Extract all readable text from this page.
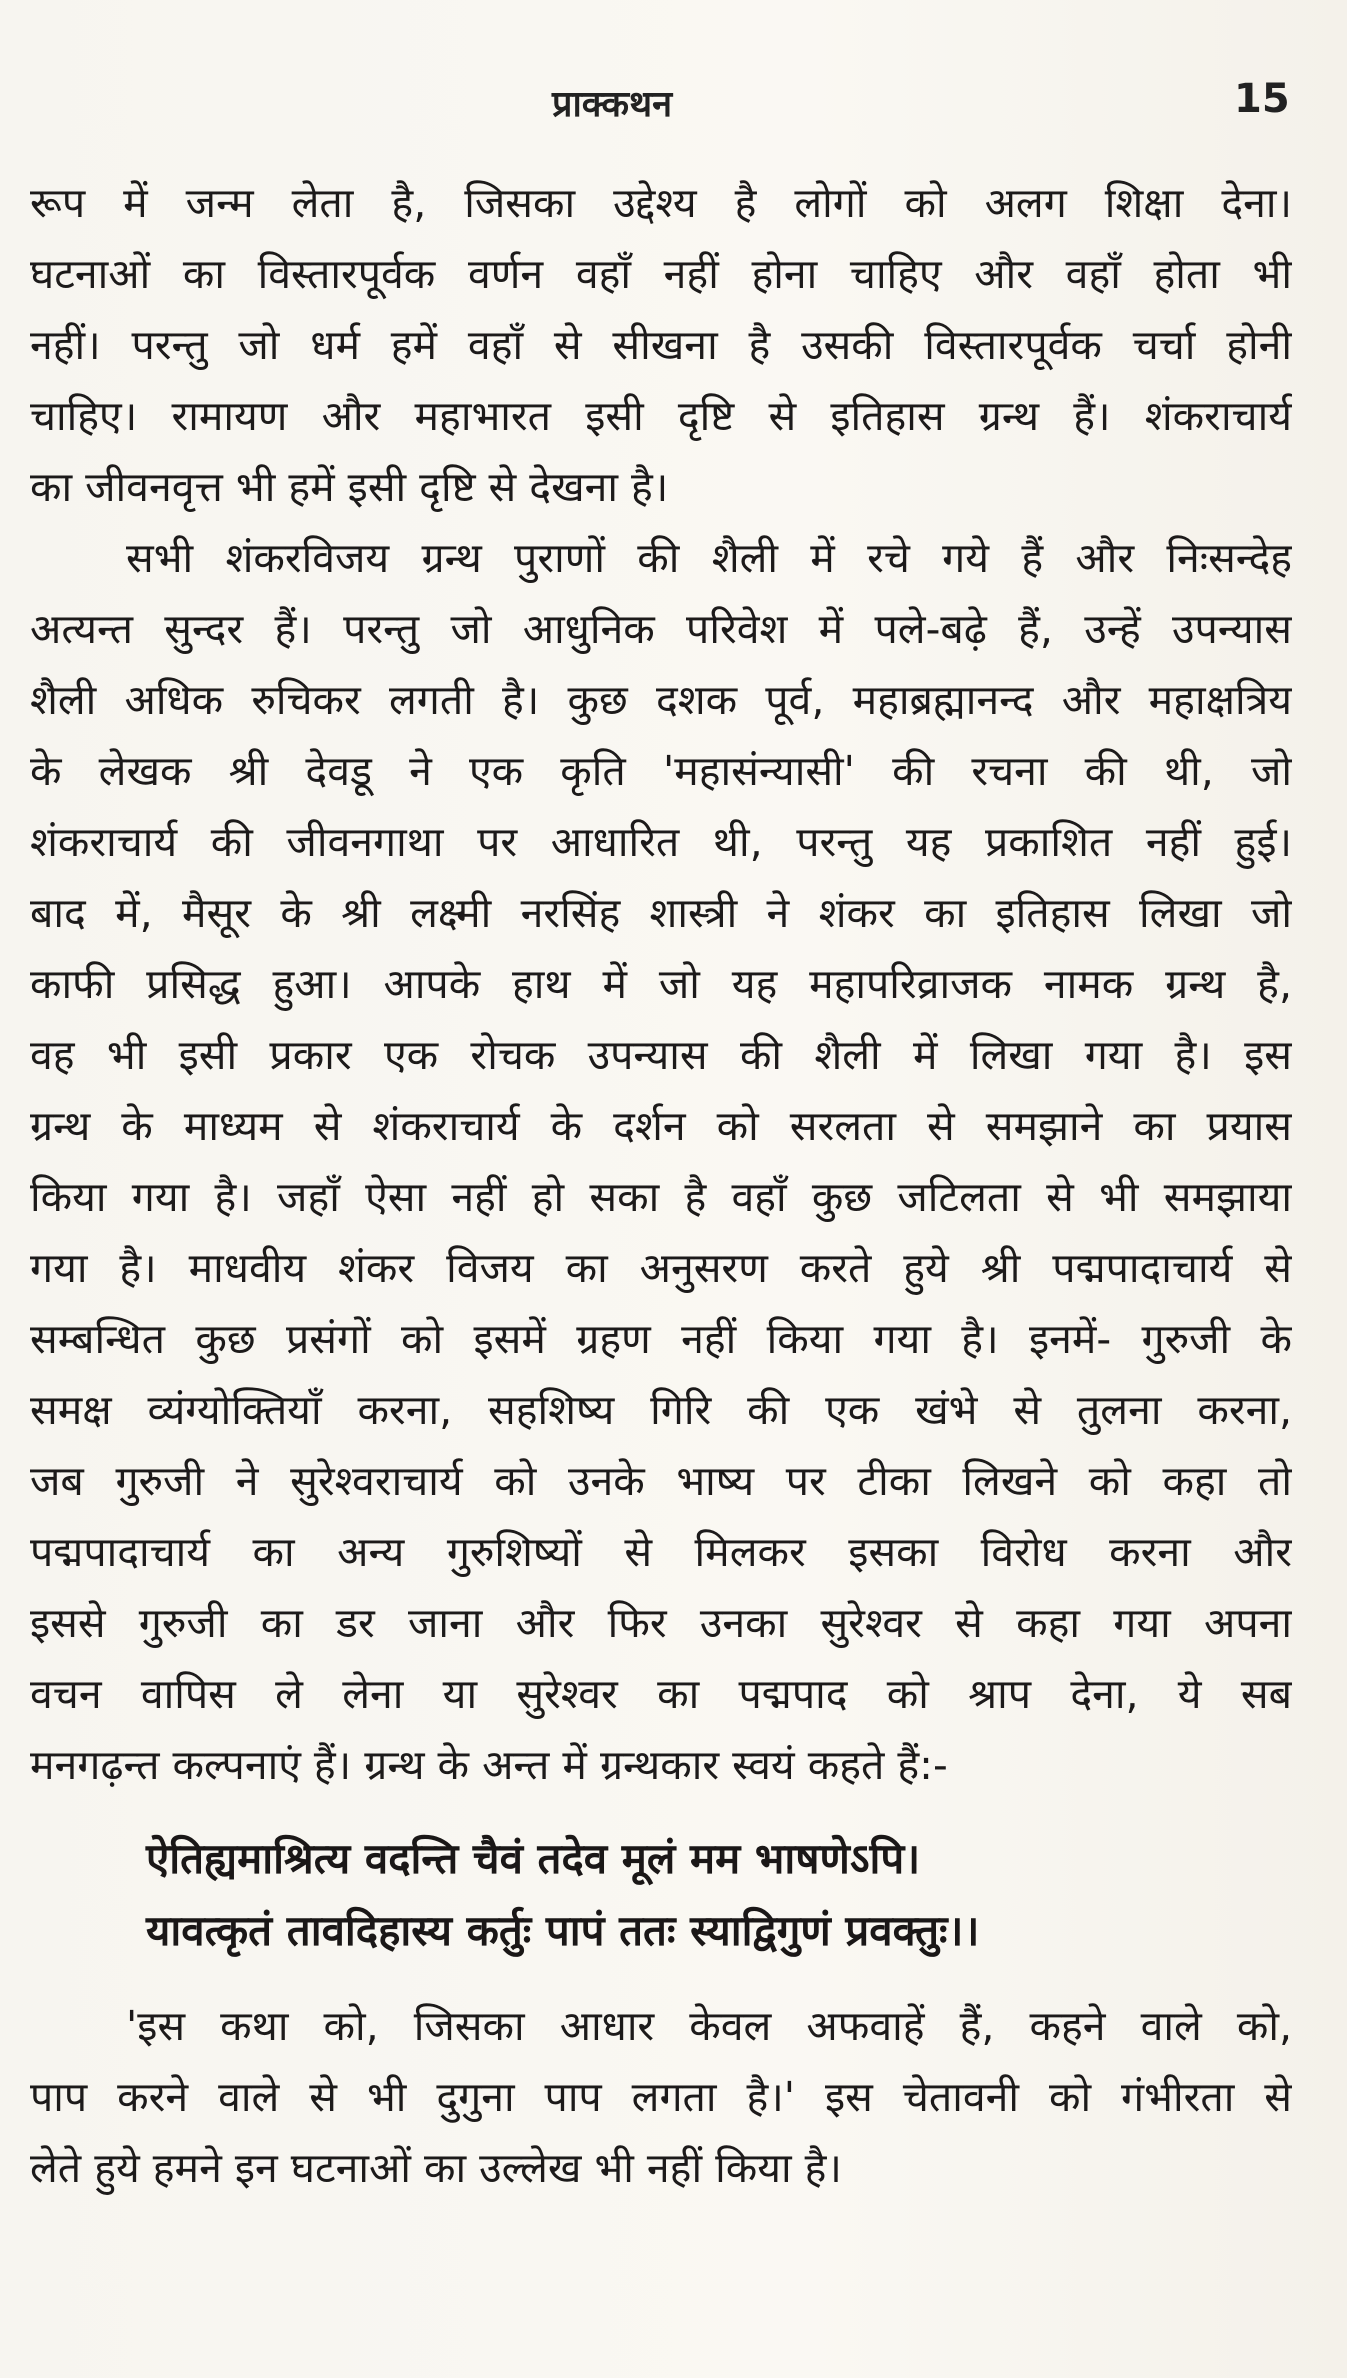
प्राक्कथन	15
रूप में जन्म लेता है, जिसका उद्देश्य है लोगों को अलग शिक्षा देना।
घटनाओं का विस्तारपूर्वक वर्णन वहाँ नहीं होना चाहिए और वहाँ होता भी
नहीं। परन्तु जो धर्म हमें वहाँ से सीखना है उसकी विस्तारपूर्वक चर्चा होनी
चाहिए। रामायण और महाभारत इसी दृष्टि से इतिहास ग्रन्थ हैं। शंकराचार्य
का जीवनवृत्त भी हमें इसी दृष्टि से देखना है।
सभी शंकरविजय ग्रन्थ पुराणों की शैली में रचे गये हैं और निःसन्देह
अत्यन्त सुन्दर हैं। परन्तु जो आधुनिक परिवेश में पले-बढ़े हैं, उन्हें उपन्यास
शैली अधिक रुचिकर लगती है। कुछ दशक पूर्व, महाब्रह्मानन्द और महाक्षत्रिय
के लेखक श्री देवडू ने एक कृति 'महासंन्यासी' की रचना की थी, जो
शंकराचार्य की जीवनगाथा पर आधारित थी, परन्तु यह प्रकाशित नहीं हुई।
बाद में, मैसूर के श्री लक्ष्मी नरसिंह शास्त्री ने शंकर का इतिहास लिखा जो
काफी प्रसिद्ध हुआ। आपके हाथ में जो यह महापरिव्राजक नामक ग्रन्थ है,
वह भी इसी प्रकार एक रोचक उपन्यास की शैली में लिखा गया है। इस
ग्रन्थ के माध्यम से शंकराचार्य के दर्शन को सरलता से समझाने का प्रयास
किया गया है। जहाँ ऐसा नहीं हो सका है वहाँ कुछ जटिलता से भी समझाया
गया है। माधवीय शंकर विजय का अनुसरण करते हुये श्री पद्मपादाचार्य से
सम्बन्धित कुछ प्रसंगों को इसमें ग्रहण नहीं किया गया है। इनमें- गुरुजी के
समक्ष व्यंग्योक्तियाँ करना, सहशिष्य गिरि की एक खंभे से तुलना करना,
जब गुरुजी ने सुरेश्वराचार्य को उनके भाष्य पर टीका लिखने को कहा तो
पद्मपादाचार्य का अन्य गुरुशिष्यों से मिलकर इसका विरोध करना और
इससे गुरुजी का डर जाना और फिर उनका सुरेश्वर से कहा गया अपना
वचन वापिस ले लेना या सुरेश्वर का पद्मपाद को श्राप देना, ये सब
मनगढ़न्त कल्पनाएं हैं। ग्रन्थ के अन्त में ग्रन्थकार स्वयं कहते हैं:-
ऐतिह्यमाश्रित्य वदन्ति चैवं तदेव मूलं मम भाषणेऽपि।
यावत्कृतं तावदिहास्य कर्तुः पापं ततः स्याद्विगुणं प्रवक्तुः।।
'इस कथा को, जिसका आधार केवल अफवाहें हैं, कहने वाले को,
पाप करने वाले से भी दुगुना पाप लगता है।' इस चेतावनी को गंभीरता से
लेते हुये हमने इन घटनाओं का उल्लेख भी नहीं किया है।
